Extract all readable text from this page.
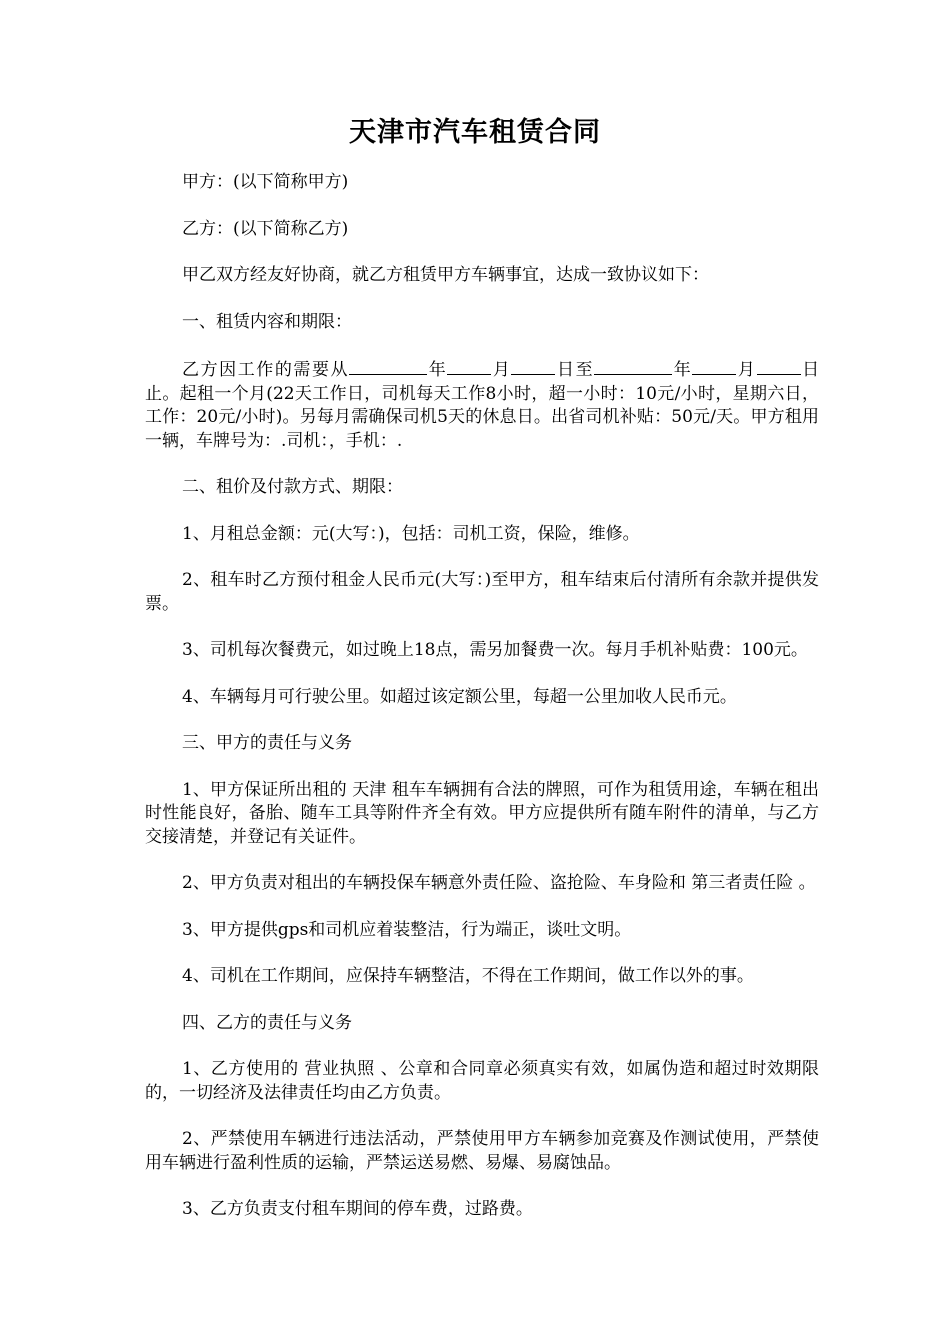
天津市汽车租赁合同

甲方：(以下简称甲方)

乙方：(以下简称乙方)

甲乙双方经友好协商，就乙方租赁甲方车辆事宜，达成一致协议如下：

一、租赁内容和期限：

乙方因工作的需要从	年	月	日至	年	月	日止。起租一个月(22天工作日，司机每天工作8小时，超一小时：10元/小时，星期六日，工作：20元/小时)。另每月需确保司机5天的休息日。出省司机补贴：50元/天。甲方租用一辆，车牌号为：.司机：，手机：.

二、租价及付款方式、期限：

1、月租总金额：元(大写：)，包括：司机工资，保险，维修。

2、租车时乙方预付租金人民币元(大写：)至甲方，租车结束后付清所有余款并提供发票。

3、司机每次餐费元，如过晚上18点，需另加餐费一次。每月手机补贴费：100元。

4、车辆每月可行驶公里。如超过该定额公里，每超一公里加收人民币元。

三、甲方的责任与义务

1、甲方保证所出租的 天津 租车车辆拥有合法的牌照，可作为租赁用途，车辆在租出时性能良好，备胎、随车工具等附件齐全有效。甲方应提供所有随车附件的清单，与乙方交接清楚，并登记有关证件。

2、甲方负责对租出的车辆投保车辆意外责任险、盗抢险、车身险和 第三者责任险 。

3、甲方提供gps和司机应着装整洁，行为端正，谈吐文明。

4、司机在工作期间，应保持车辆整洁，不得在工作期间，做工作以外的事。

四、乙方的责任与义务

1、乙方使用的 营业执照 、公章和合同章必须真实有效，如属伪造和超过时效期限的，一切经济及法律责任均由乙方负责。

2、严禁使用车辆进行违法活动，严禁使用甲方车辆参加竞赛及作测试使用，严禁使用车辆进行盈利性质的运输，严禁运送易燃、易爆、易腐蚀品。

3、乙方负责支付租车期间的停车费，过路费。
